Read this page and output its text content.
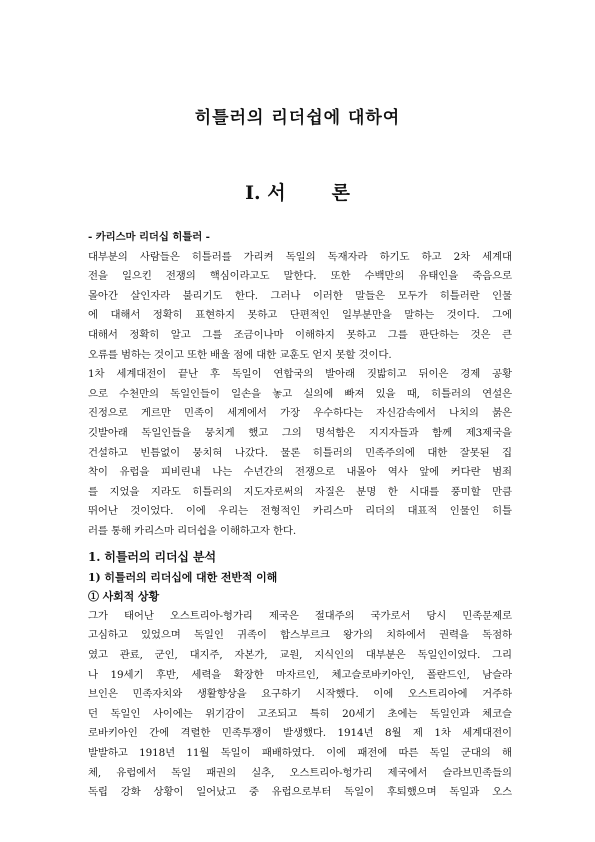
히틀러의 리더쉽에 대하여
Ⅰ. 서 론

- 카리스마 리더십 히틀러 -

대부분의 사람들은 히틀러를 가리켜 독일의 독재자라 하기도 하고 2차 세계대

전을 일으킨 전쟁의 핵심이라고도 말한다. 또한 수백만의 유태인을 죽음으로

몰아간 살인자라 불리기도 한다. 그러나 이러한 말들은 모두가 히틀러란 인물

에 대해서 정확히 표현하지 못하고 단편적인 일부분만을 말하는 것이다. 그에

대해서 정확히 알고 그를 조금이나마 이해하지 못하고 그를 판단하는 것은 큰

오류를 범하는 것이고 또한 배울 점에 대한 교훈도 얻지 못할 것이다.

1차 세계대전이 끝난 후 독일이 연합국의 발아래 짓밟히고 뒤이은 경제 공황

으로 수천만의 독일인들이 일손을 놓고 실의에 빠져 있을 때, 히틀러의 연설은

진정으로 게르만 민족이 세계에서 가장 우수하다는 자신감속에서 나치의 붉은

깃발아래 독일인들을 뭉치게 했고 그의 명석함은 지지자들과 함께 제3제국을

건설하고 빈틈없이 뭉치혀 나갔다. 물론 히틀러의 민족주의에 대한 잘못된 집

착이 유럽을 피비린내 나는 수년간의 전쟁으로 내몰아 역사 앞에 커다란 범죄

를 지었을 지라도 히틀러의 지도자로써의 자질은 분명 한 시대를 풍미할 만큼

뛰어난 것이었다. 이에 우리는 전형적인 카리스마 리더의 대표적 인물인 히틀

러를 통해 카리스마 리더쉽을 이해하고자 한다.

1. 히틀러의 리더십 분석

1) 히틀러의 리더십에 대한 전반적 이해

① 사회적 상황

그가 태어난 오스트리아-헝가리 제국은 절대주의 국가로서 당시 민족문제로

고심하고 있었으며 독일인 귀족이 합스부르크 왕가의 치하에서 권력을 독점하

였고 관료, 군인, 대지주, 자본가, 교원, 지식인의 대부분은 독일인이었다. 그리

나 19세기 후반, 세력을 확장한 마자르인, 체고슬로바키아인, 폴란드인, 남슬라

브인은 민족자치와 생활향상을 요구하기 시작했다. 이에 오스트리아에 거주하

던 독일인 사이에는 위기감이 고조되고 특히 20세기 초에는 독일인과 체코슬

로바키아인 간에 격렬한 민족투쟁이 발생했다. 1914년 8월 제 1차 세계대전이

발발하고 1918년 11월 독일이 패배하였다. 이에 패전에 따른 독일 군대의 해

체, 유럽에서 독일 패권의 실추, 오스트리아-헝가리 제국에서 슬라브민족들의

독립 강화 상황이 일어났고 중 유럽으로부터 독일이 후퇴했으며 독일과 오스
